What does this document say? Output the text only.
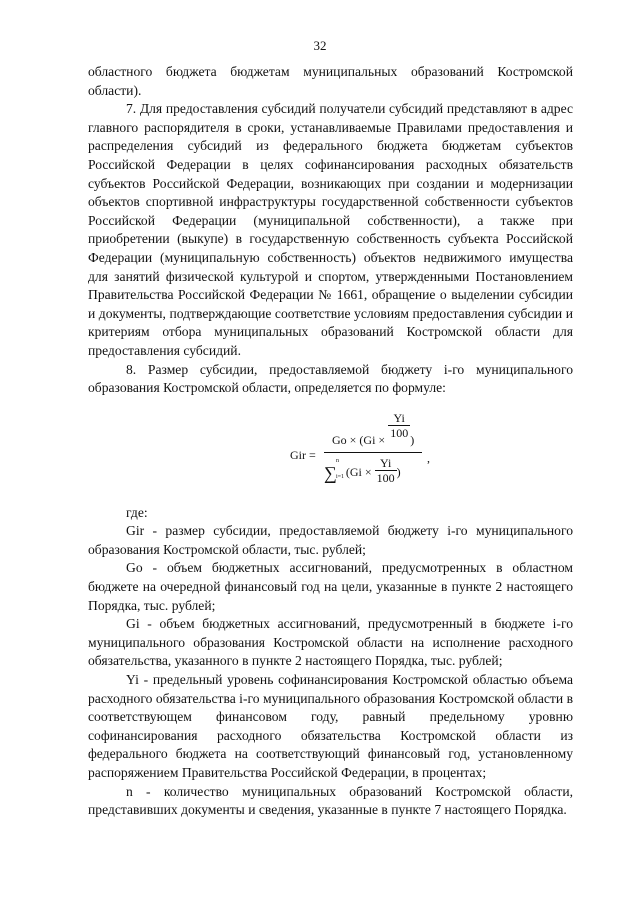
32

областного бюджета бюджетам муниципальных образований Костромской области).

7. Для предоставления субсидий получатели субсидий представляют в адрес главного распорядителя в сроки, устанавливаемые Правилами предоставления и распределения субсидий из федерального бюджета бюджетам субъектов Российской Федерации в целях софинансирования расходных обязательств субъектов Российской Федерации, возникающих при создании и модернизации объектов спортивной инфраструктуры государственной собственности субъектов Российской Федерации (муниципальной собственности), а также при приобретении (выкупе) в государственную собственность субъекта Российской Федерации (муниципальную собственность) объектов недвижимого имущества для занятий физической культурой и спортом, утвержденными Постановлением Правительства Российской Федерации № 1661, обращение о выделении субсидии и документы, подтверждающие соответствие условиям предоставления субсидии и критериям отбора муниципальных образований Костромской области для предоставления субсидий.

8. Размер субсидии, предоставляемой бюджету i-го муниципального образования Костромской области, определяется по формуле:

Gir =
$Go \times (Gi \times \frac{Yi}{100}$ )
∑
n
i=1 ($Gi \times \frac{Yi}{100}$ )
,

где:

Gir - размер субсидии, предоставляемой бюджету i-го муниципального образования Костромской области, тыс. рублей;

Go - объем бюджетных ассигнований, предусмотренных в областном бюджете на очередной финансовый год на цели, указанные в пункте 2 настоящего Порядка, тыс. рублей;

Gi - объем бюджетных ассигнований, предусмотренный в бюджете i-го муниципального образования Костромской области на исполнение расходного обязательства, указанного в пункте 2 настоящего Порядка, тыс. рублей;

Yi - предельный уровень софинансирования Костромской областью объема расходного обязательства i-го муниципального образования Костромской области в соответствующем финансовом году, равный предельному уровню софинансирования расходного обязательства Костромской области из федерального бюджета на соответствующий финансовый год, установленному распоряжением Правительства Российской Федерации, в процентах;

n - количество муниципальных образований Костромской области, представивших документы и сведения, указанные в пункте 7 настоящего Порядка.
